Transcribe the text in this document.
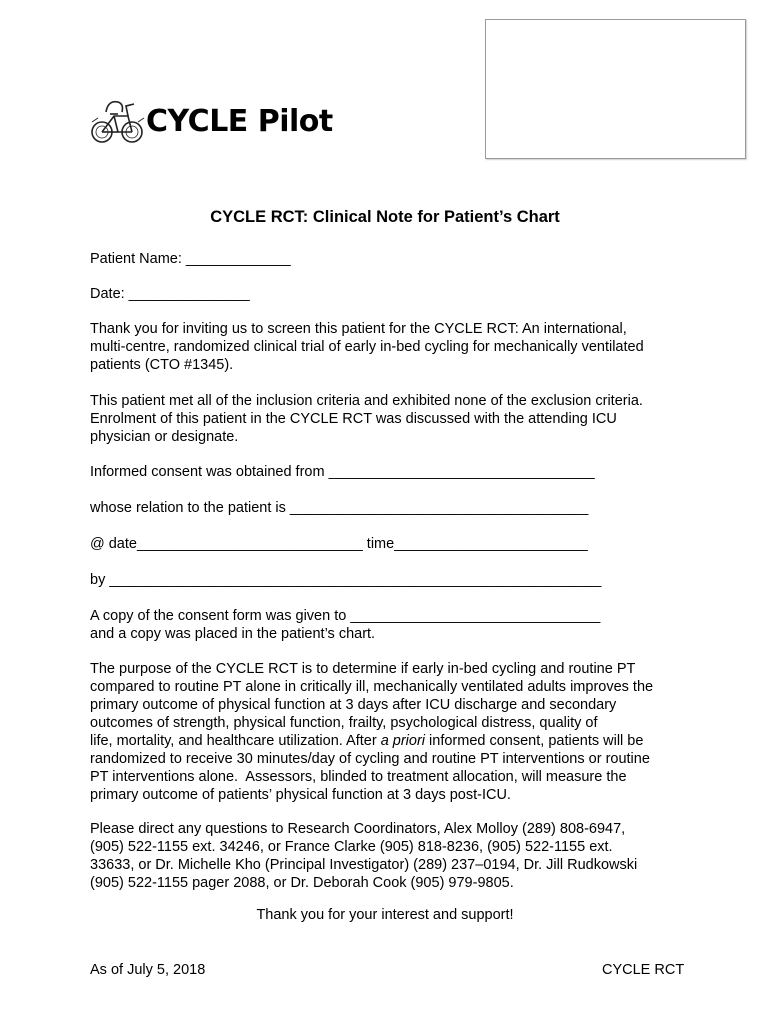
CYCLE Pilot
CYCLE RCT: Clinical Note for Patient’s Chart
Patient Name: _____________
Date: _______________
Thank you for inviting us to screen this patient for the CYCLE RCT: An international,
multi-centre, randomized clinical trial of early in-bed cycling for mechanically ventilated
patients (CTO #1345).
This patient met all of the inclusion criteria and exhibited none of the exclusion criteria.
Enrolment of this patient in the CYCLE RCT was discussed with the attending ICU
physician or designate.
Informed consent was obtained from _________________________________
whose relation to the patient is _____________________________________
@ date____________________________ time________________________
by _____________________________________________________________
A copy of the consent form was given to _______________________________
and a copy was placed in the patient’s chart.
The purpose of the CYCLE RCT is to determine if early in-bed cycling and routine PT
compared to routine PT alone in critically ill, mechanically ventilated adults improves the
primary outcome of physical function at 3 days after ICU discharge and secondary
outcomes of strength, physical function, frailty, psychological distress, quality of
life, mortality, and healthcare utilization. After a priori informed consent, patients will be
randomized to receive 30 minutes/day of cycling and routine PT interventions or routine
PT interventions alone.  Assessors, blinded to treatment allocation, will measure the
primary outcome of patients’ physical function at 3 days post-ICU.
Please direct any questions to Research Coordinators, Alex Molloy (289) 808-6947,
(905) 522-1155 ext. 34246, or France Clarke (905) 818-8236, (905) 522-1155 ext.
33633, or Dr. Michelle Kho (Principal Investigator) (289) 237–0194, Dr. Jill Rudkowski
(905) 522-1155 pager 2088, or Dr. Deborah Cook (905) 979-9805.
Thank you for your interest and support!
As of July 5, 2018	CYCLE RCT
